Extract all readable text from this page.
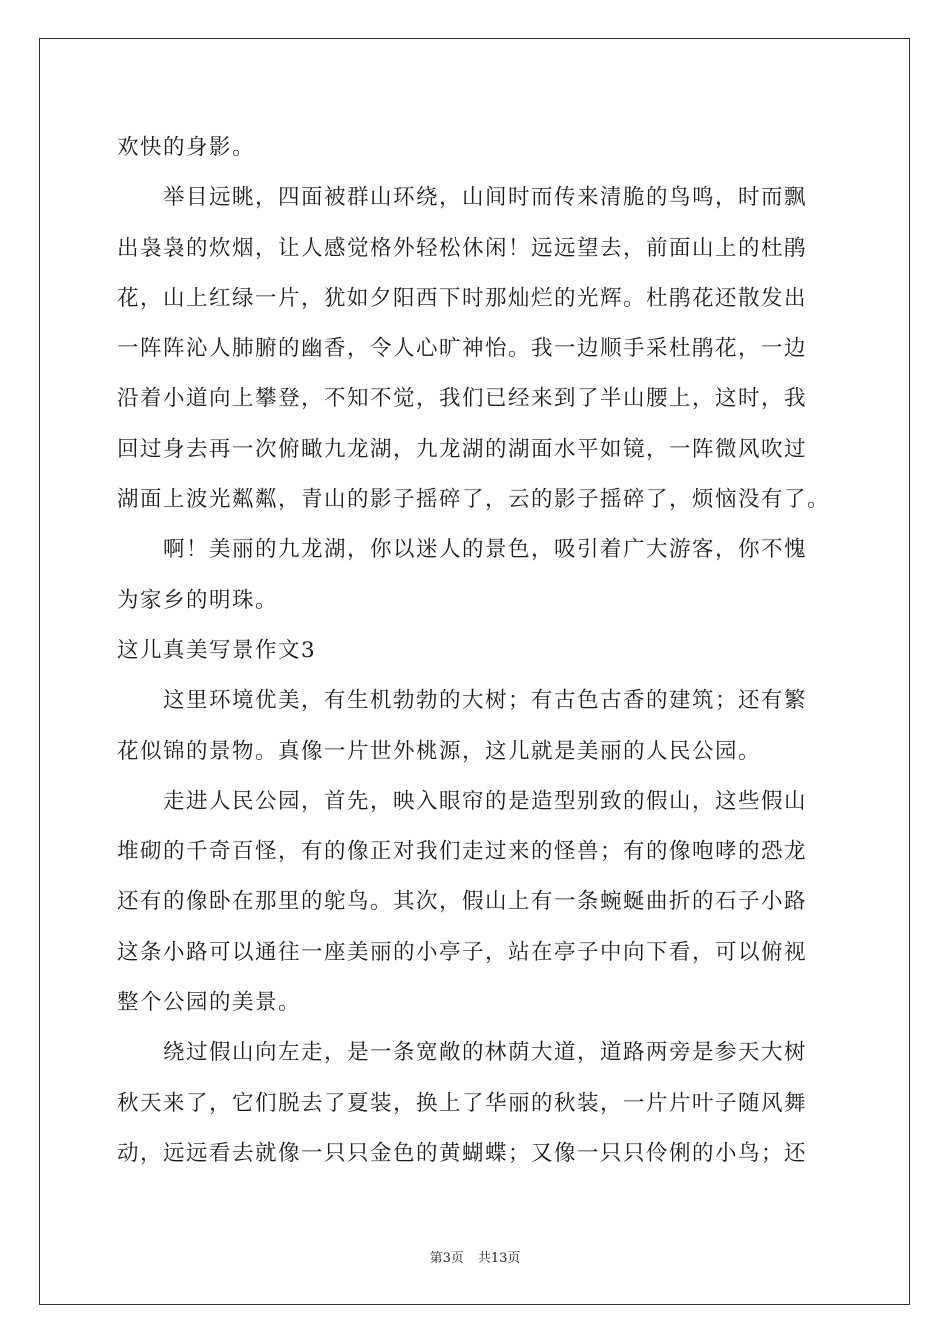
欢快的身影。
举目远眺，四面被群山环绕，山间时而传来清脆的鸟鸣，时而飘
出袅袅的炊烟，让人感觉格外轻松休闲！远远望去，前面山上的杜鹃
花，山上红绿一片，犹如夕阳西下时那灿烂的光辉。杜鹃花还散发出
一阵阵沁人肺腑的幽香，令人心旷神怡。我一边顺手采杜鹃花，一边
沿着小道向上攀登，不知不觉，我们已经来到了半山腰上，这时，我
回过身去再一次俯瞰九龙湖，九龙湖的湖面水平如镜，一阵微风吹过
湖面上波光粼粼，青山的影子摇碎了，云的影子摇碎了，烦恼没有了。
啊！美丽的九龙湖，你以迷人的景色，吸引着广大游客，你不愧
为家乡的明珠。
这儿真美写景作文3
这里环境优美，有生机勃勃的大树；有古色古香的建筑；还有繁
花似锦的景物。真像一片世外桃源，这儿就是美丽的人民公园。
走进人民公园，首先，映入眼帘的是造型别致的假山，这些假山
堆砌的千奇百怪，有的像正对我们走过来的怪兽；有的像咆哮的恐龙
还有的像卧在那里的鸵鸟。其次，假山上有一条蜿蜒曲折的石子小路
这条小路可以通往一座美丽的小亭子，站在亭子中向下看，可以俯视
整个公园的美景。
绕过假山向左走，是一条宽敞的林荫大道，道路两旁是参天大树
秋天来了，它们脱去了夏装，换上了华丽的秋装，一片片叶子随风舞
动，远远看去就像一只只金色的黄蝴蝶；又像一只只伶俐的小鸟；还
第3页 共13页
